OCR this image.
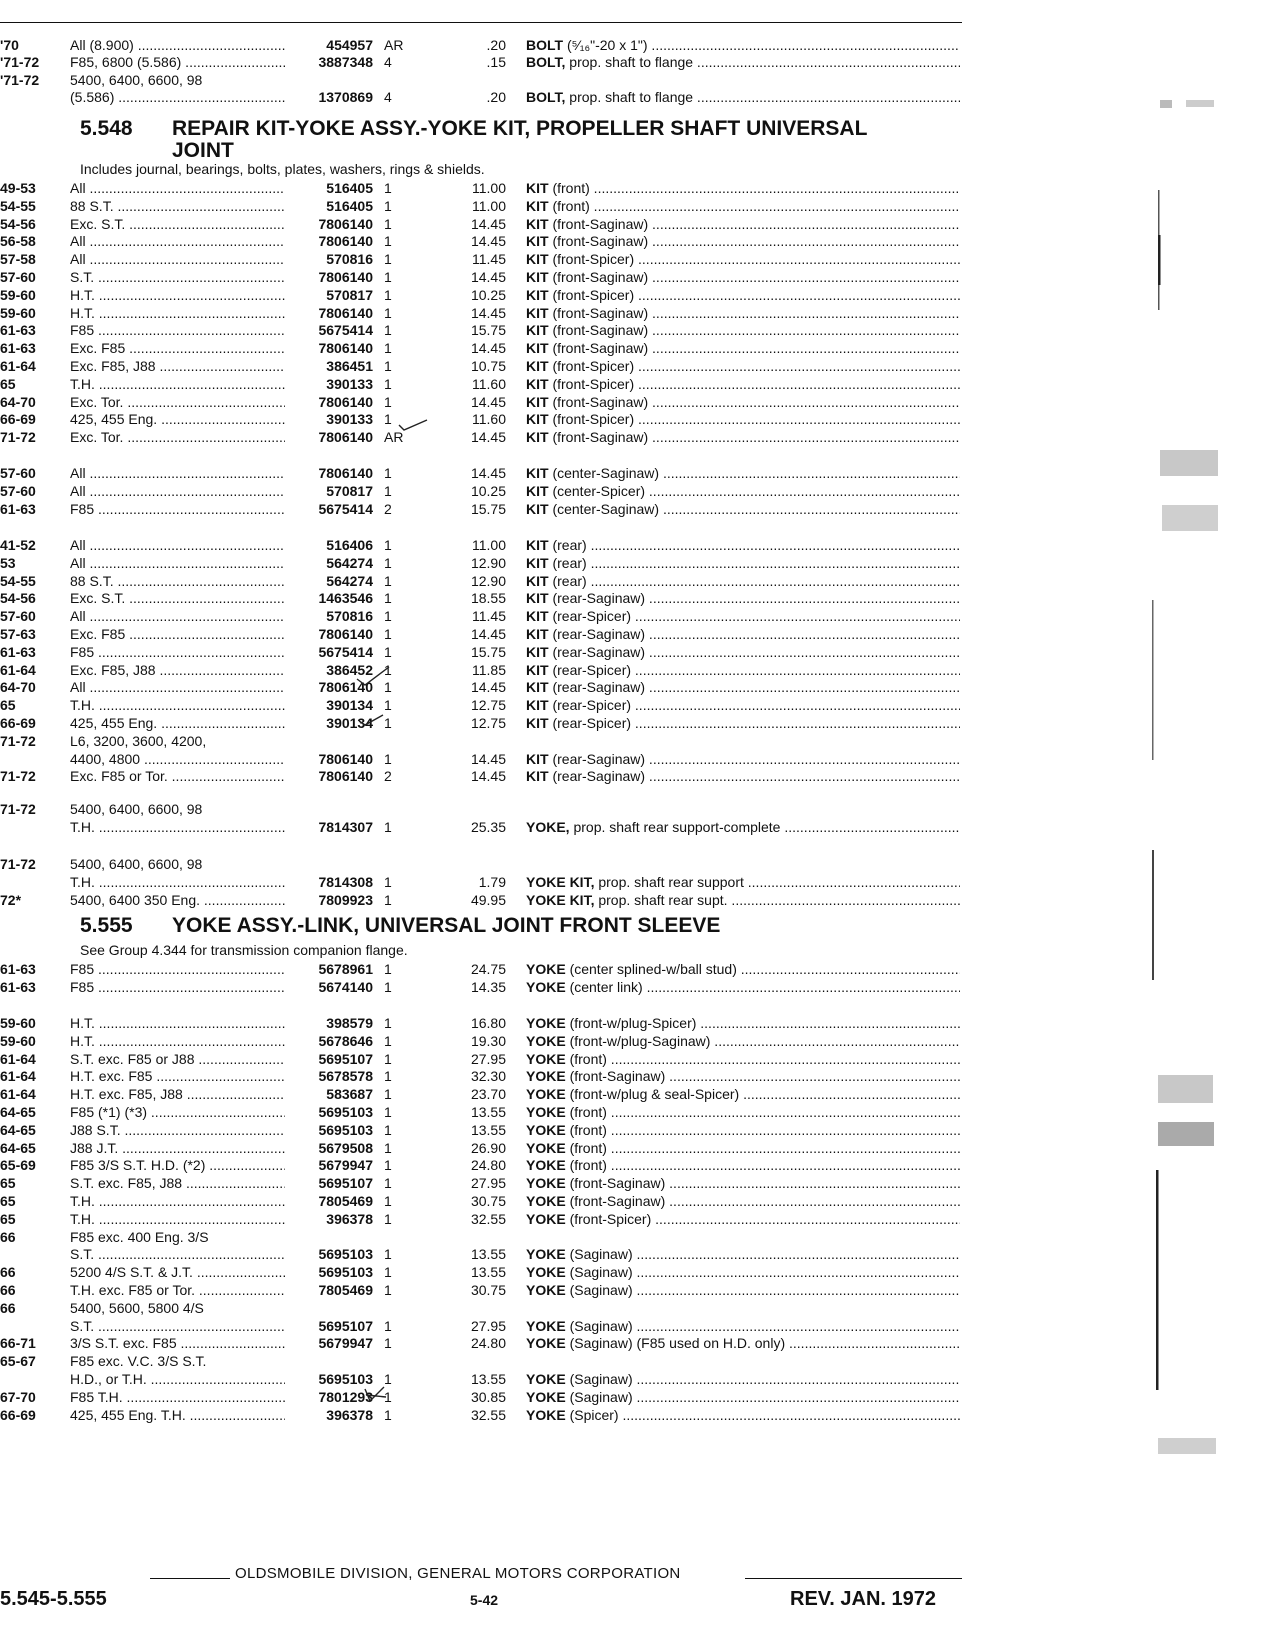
'70	All (8.900) .....	454957 AR	.20 BOLT (⁵⁄₁₆"-20 x 1") .....
'71-72	F85, 6800 (5.586) .....	3887348 4	.15 BOLT, prop. shaft to flange .....
'71-72	5400, 6400, 6600, 98
(5.586) .....	1370869 4	.20 BOLT, prop. shaft to flange .....
5.548 REPAIR KIT-YOKE ASSY.-YOKE KIT, PROPELLER SHAFT UNIVERSAL
JOINT
Includes journal, bearings, bolts, plates, washers, rings & shields.
49-53	All .....	516405 1	11.00 KIT (front) .....
54-55	88 S.T. .....	516405 1	11.00 KIT (front) .....
54-56	Exc. S.T. .....	7806140 1	14.45 KIT (front-Saginaw) .....
56-58	All .....	7806140 1	14.45 KIT (front-Saginaw) .....
57-58	All .....	570816 1	11.45 KIT (front-Spicer) .....
57-60	S.T. .....	7806140 1	14.45 KIT (front-Saginaw) .....
59-60	H.T. .....	570817 1	10.25 KIT (front-Spicer) .....
59-60	H.T. .....	7806140 1	14.45 KIT (front-Saginaw) .....
61-63	F85 .....	5675414 1	15.75 KIT (front-Saginaw) .....
61-63	Exc. F85 .....	7806140 1	14.45 KIT (front-Saginaw) .....
61-64	Exc. F85, J88 .....	386451 1	10.75 KIT (front-Spicer) .....
65	T.H. .....	390133 1	11.60 KIT (front-Spicer) .....
64-70	Exc. Tor. .....	7806140 1	14.45 KIT (front-Saginaw) .....
66-69	425, 455 Eng. .....	390133 1	11.60 KIT (front-Spicer) .....
71-72	Exc. Tor. .....	7806140 AR	14.45 KIT (front-Saginaw) .....
57-60	All .....	7806140 1	14.45 KIT (center-Saginaw) .....
57-60	All .....	570817 1	10.25 KIT (center-Spicer) .....
61-63	F85 .....	5675414 2	15.75 KIT (center-Saginaw) .....
41-52	All .....	516406 1	11.00 KIT (rear) .....
53	All .....	564274 1	12.90 KIT (rear) .....
54-55	88 S.T. .....	564274 1	12.90 KIT (rear) .....
54-56	Exc. S.T. .....	1463546 1	18.55 KIT (rear-Saginaw) .....
57-60	All .....	570816 1	11.45 KIT (rear-Spicer) .....
57-63	Exc. F85 .....	7806140 1	14.45 KIT (rear-Saginaw) .....
61-63	F85 .....	5675414 1	15.75 KIT (rear-Saginaw) .....
61-64	Exc. F85, J88 .....	386452 1	11.85 KIT (rear-Spicer) .....
64-70	All .....	7806140 1	14.45 KIT (rear-Saginaw) .....
65	T.H. .....	390134 1	12.75 KIT (rear-Spicer) .....
66-69	425, 455 Eng. .....	390134 1	12.75 KIT (rear-Spicer) .....
71-72	L6, 3200, 3600, 4200,
4400, 4800 .....	7806140 1	14.45 KIT (rear-Saginaw) .....
71-72	Exc. F85 or Tor. .....	7806140 2	14.45 KIT (rear-Saginaw) .....
71-72	5400, 6400, 6600, 98
T.H. .....	7814307 1	25.35 YOKE, prop. shaft rear support-complete .....
71-72	5400, 6400, 6600, 98
T.H. .....	7814308 1	1.79 YOKE KIT, prop. shaft rear support .....
72*	5400, 6400 350 Eng. .....	7809923 1	49.95 YOKE KIT, prop. shaft rear supt. .....
5.555 YOKE ASSY.-LINK, UNIVERSAL JOINT FRONT SLEEVE
See Group 4.344 for transmission companion flange.
61-63	F85 .....	5678961 1	24.75 YOKE (center splined-w/ball stud) .....
61-63	F85 .....	5674140 1	14.35 YOKE (center link) .....
59-60	H.T. .....	398579 1	16.80 YOKE (front-w/plug-Spicer) .....
59-60	H.T. .....	5678646 1	19.30 YOKE (front-w/plug-Saginaw) .....
61-64	S.T. exc. F85 or J88 .....	5695107 1	27.95 YOKE (front) .....
61-64	H.T. exc. F85 .....	5678578 1	32.30 YOKE (front-Saginaw) .....
61-64	H.T. exc. F85, J88 .....	583687 1	23.70 YOKE (front-w/plug & seal-Spicer) .....
64-65	F85 (*1) (*3) .....	5695103 1	13.55 YOKE (front) .....
64-65	J88 S.T. .....	5695103 1	13.55 YOKE (front) .....
64-65	J88 J.T. .....	5679508 1	26.90 YOKE (front) .....
65-69	F85 3/S S.T. H.D. (*2) .....	5679947 1	24.80 YOKE (front) .....
65	S.T. exc. F85, J88 .....	5695107 1	27.95 YOKE (front-Saginaw) .....
65	T.H. .....	7805469 1	30.75 YOKE (front-Saginaw) .....
65	T.H. .....	396378 1	32.55 YOKE (front-Spicer) .....
66	F85 exc. 400 Eng. 3/S
S.T. .....	5695103 1	13.55 YOKE (Saginaw) .....
66	5200 4/S S.T. & J.T. .....	5695103 1	13.55 YOKE (Saginaw) .....
66	T.H. exc. F85 or Tor. .....	7805469 1	30.75 YOKE (Saginaw) .....
66	5400, 5600, 5800 4/S
S.T. .....	5695107 1	27.95 YOKE (Saginaw) .....
66-71	3/S S.T. exc. F85 .....	5679947 1	24.80 YOKE (Saginaw) (F85 used on H.D. only) .....
65-67	F85 exc. V.C. 3/S S.T.
H.D., or T.H. .....	5695103 1	13.55 YOKE (Saginaw) .....
67-70	F85 T.H. .....	7801293 1	30.85 YOKE (Saginaw) .....
66-69	425, 455 Eng. T.H. .....	396378 1	32.55 YOKE (Spicer) .....
OLDSMOBILE DIVISION, GENERAL MOTORS CORPORATION
5.545-5.555	5-42	REV. JAN. 1972
